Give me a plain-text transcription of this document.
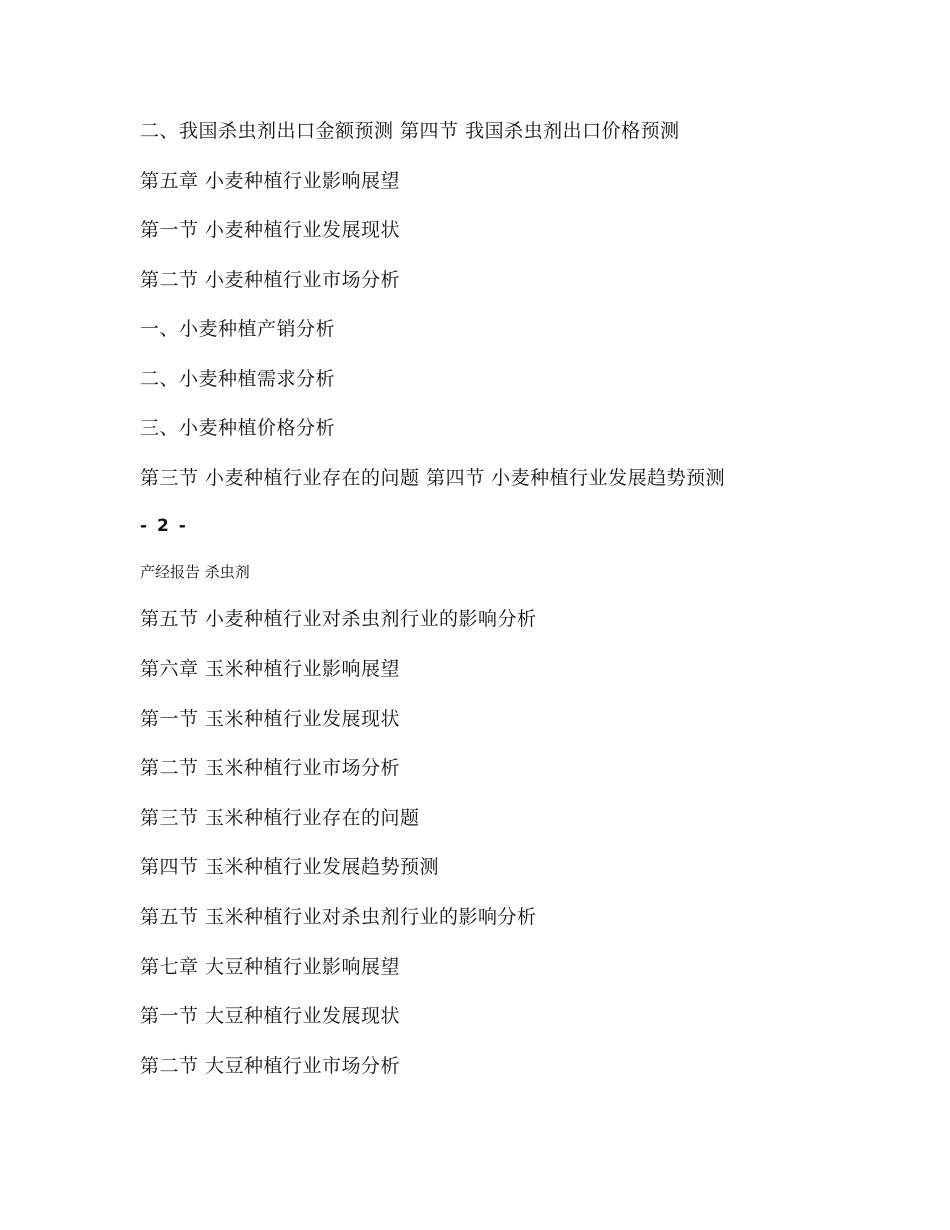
二、我国杀虫剂出口金额预测 第四节 我国杀虫剂出口价格预测
第五章 小麦种植行业影响展望
第一节 小麦种植行业发展现状
第二节 小麦种植行业市场分析
一、小麦种植产销分析
二、小麦种植需求分析
三、小麦种植价格分析
第三节 小麦种植行业存在的问题 第四节 小麦种植行业发展趋势预测
- 2 -
产经报告 杀虫剂
第五节 小麦种植行业对杀虫剂行业的影响分析
第六章 玉米种植行业影响展望
第一节 玉米种植行业发展现状
第二节 玉米种植行业市场分析
第三节 玉米种植行业存在的问题
第四节 玉米种植行业发展趋势预测
第五节 玉米种植行业对杀虫剂行业的影响分析
第七章 大豆种植行业影响展望
第一节 大豆种植行业发展现状
第二节 大豆种植行业市场分析
